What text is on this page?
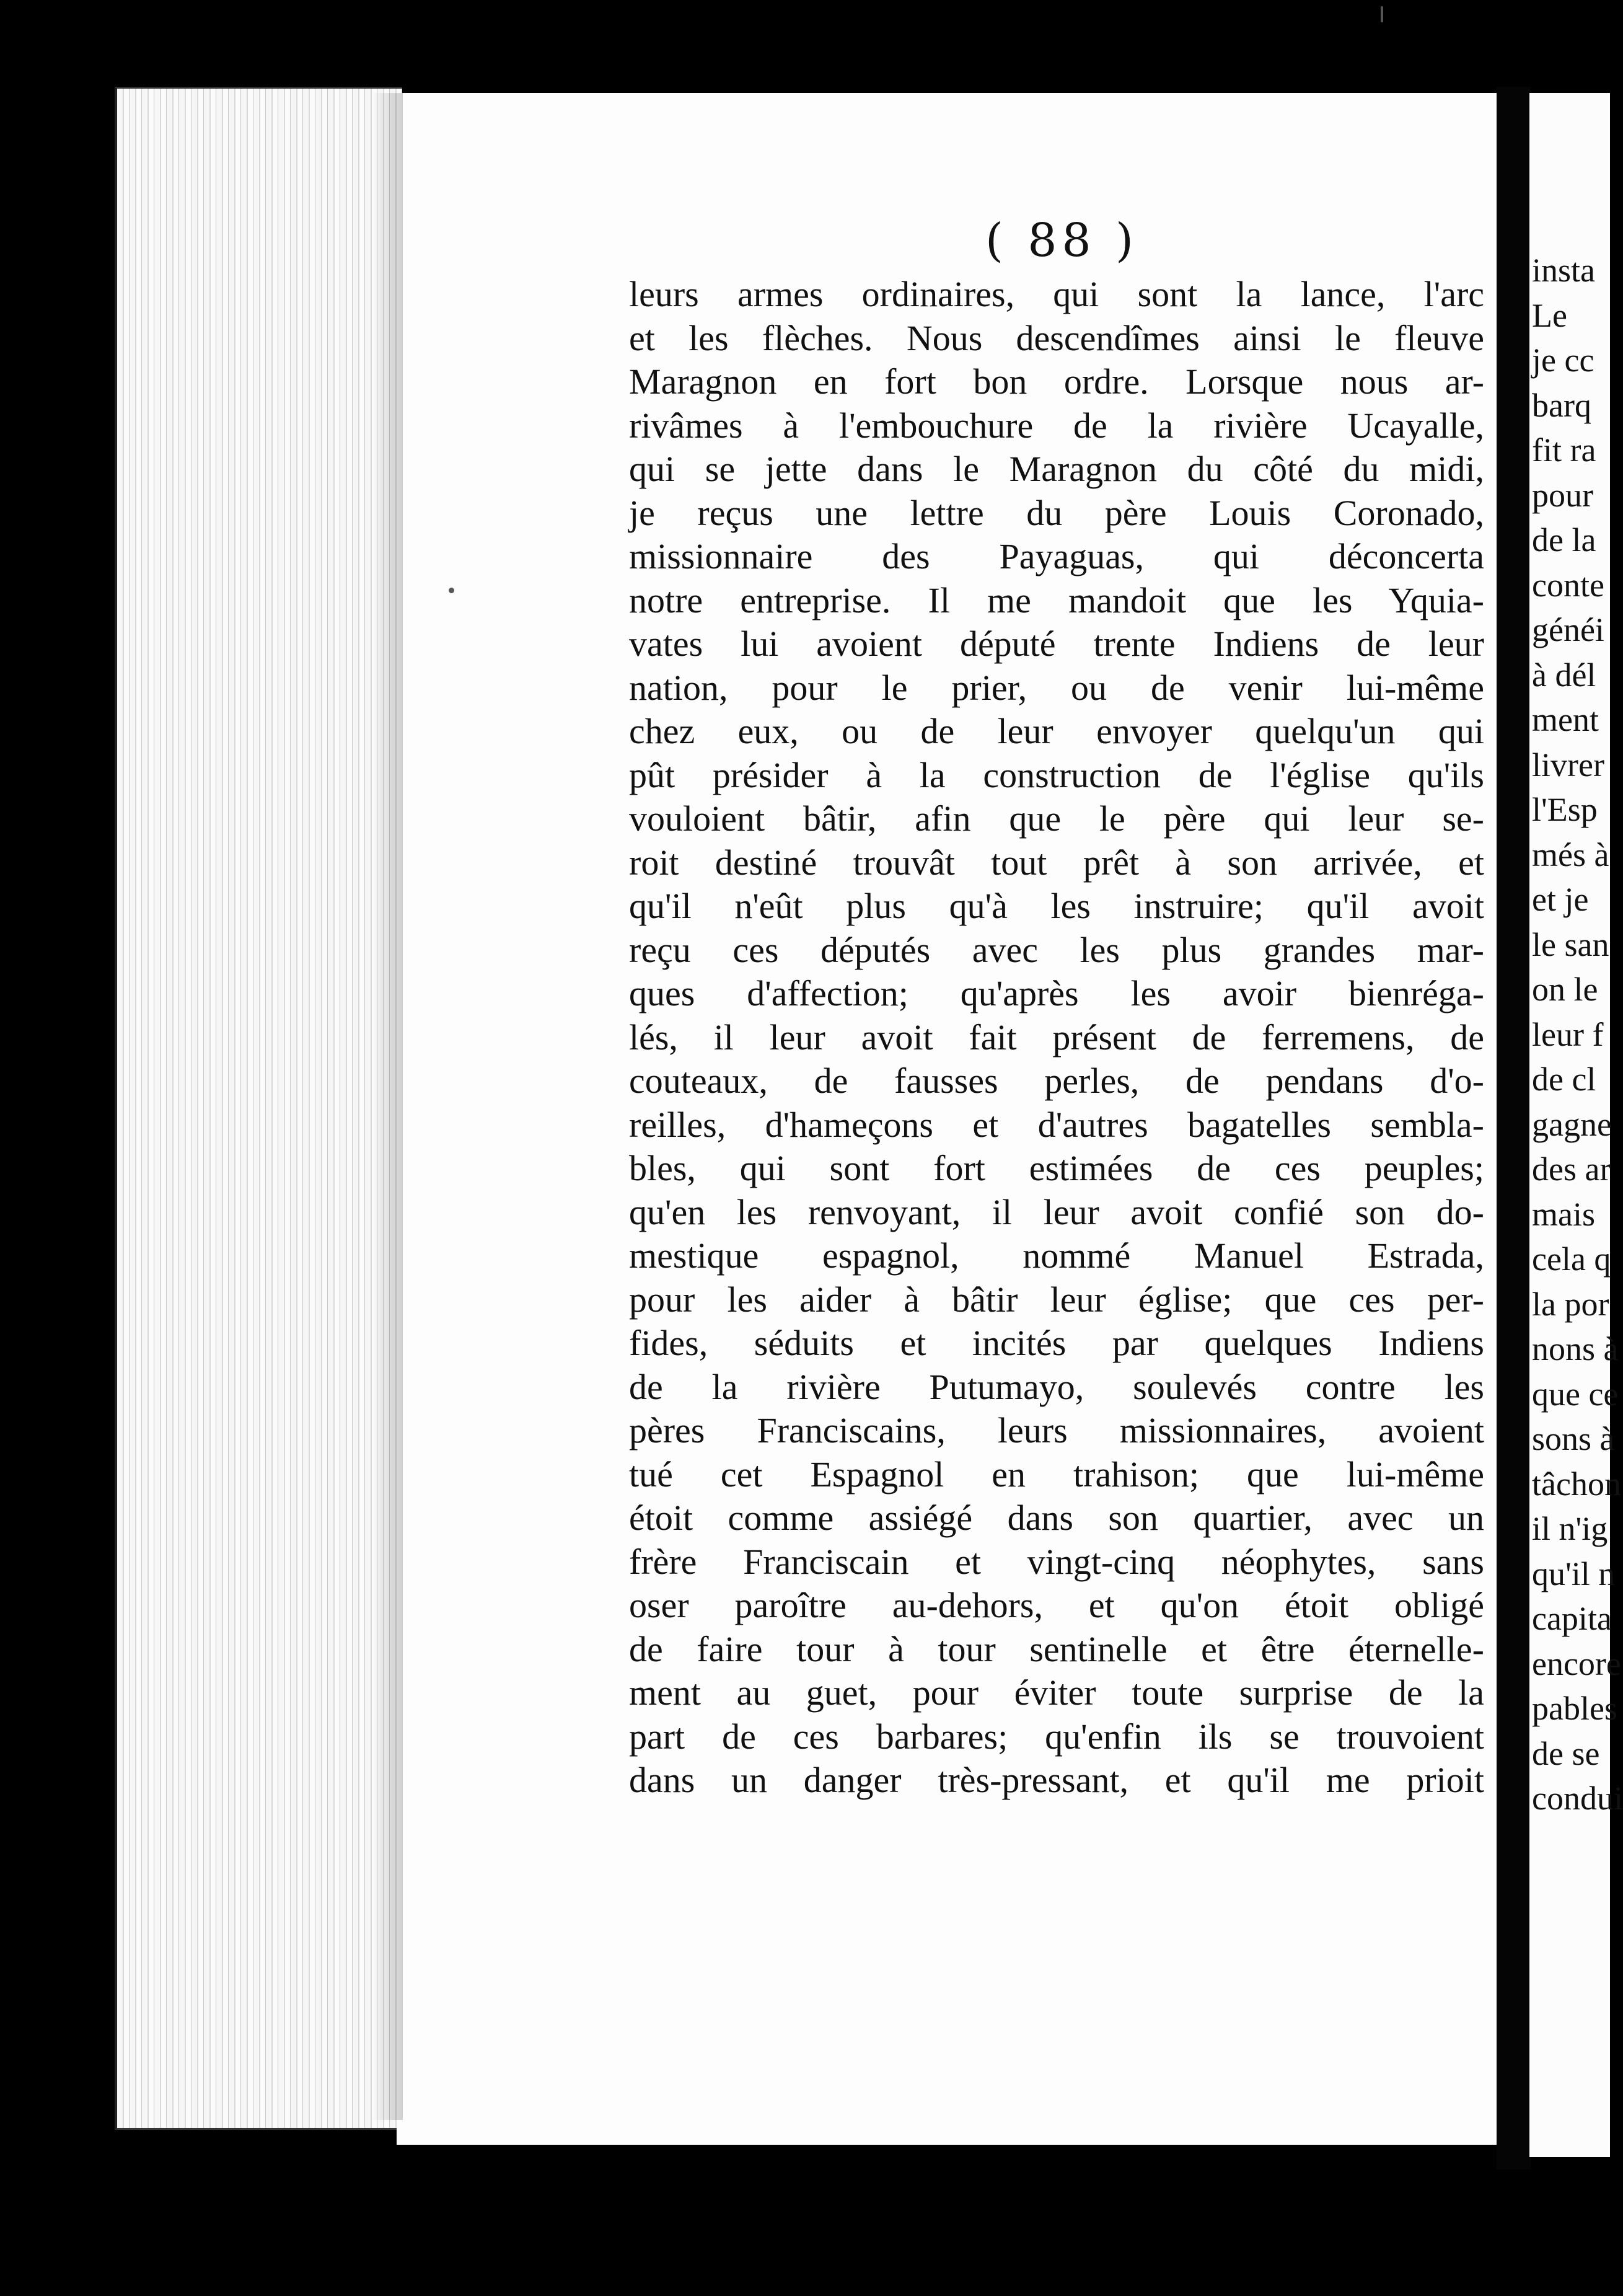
( 88 )
leurs armes ordinaires, qui sont la lance, l'arc
et les flèches. Nous descendîmes ainsi le fleuve
Maragnon en fort bon ordre. Lorsque nous ar-
rivâmes à l'embouchure de la rivière Ucayalle,
qui se jette dans le Maragnon du côté du midi,
je reçus une lettre du père Louis Coronado,
missionnaire des Payaguas, qui déconcerta
notre entreprise. Il me mandoit que les Yquia-
vates lui avoient député trente Indiens de leur
nation, pour le prier, ou de venir lui-même
chez eux, ou de leur envoyer quelqu'un qui
pût présider à la construction de l'église qu'ils
vouloient bâtir, afin que le père qui leur se-
roit destiné trouvât tout prêt à son arrivée, et
qu'il n'eût plus qu'à les instruire; qu'il avoit
reçu ces députés avec les plus grandes mar-
ques d'affection; qu'après les avoir bienréga-
lés, il leur avoit fait présent de ferremens, de
couteaux, de fausses perles, de pendans d'o-
reilles, d'hameçons et d'autres bagatelles sembla-
bles, qui sont fort estimées de ces peuples;
qu'en les renvoyant, il leur avoit confié son do-
mestique espagnol, nommé Manuel Estrada,
pour les aider à bâtir leur église; que ces per-
fides, séduits et incités par quelques Indiens
de la rivière Putumayo, soulevés contre les
pères Franciscains, leurs missionnaires, avoient
tué cet Espagnol en trahison; que lui-même
étoit comme assiégé dans son quartier, avec un
frère Franciscain et vingt-cinq néophytes, sans
oser paroître au-dehors, et qu'on étoit obligé
de faire tour à tour sentinelle et être éternelle-
ment au guet, pour éviter toute surprise de la
part de ces barbares; qu'enfin ils se trouvoient
dans un danger très-pressant, et qu'il me prioit
insta
Le
je cc
barq
fit ra
pour
de la
conte
généi
à dél
ment
livrer
l'Esp
més à
et je
le san
on le
leur f
de cl
gagne
des ar
mais
cela q
la por
nons à
que ce
sons à
tâchon
il n'ig
qu'il n
capita
encore
pables
de se
condui
